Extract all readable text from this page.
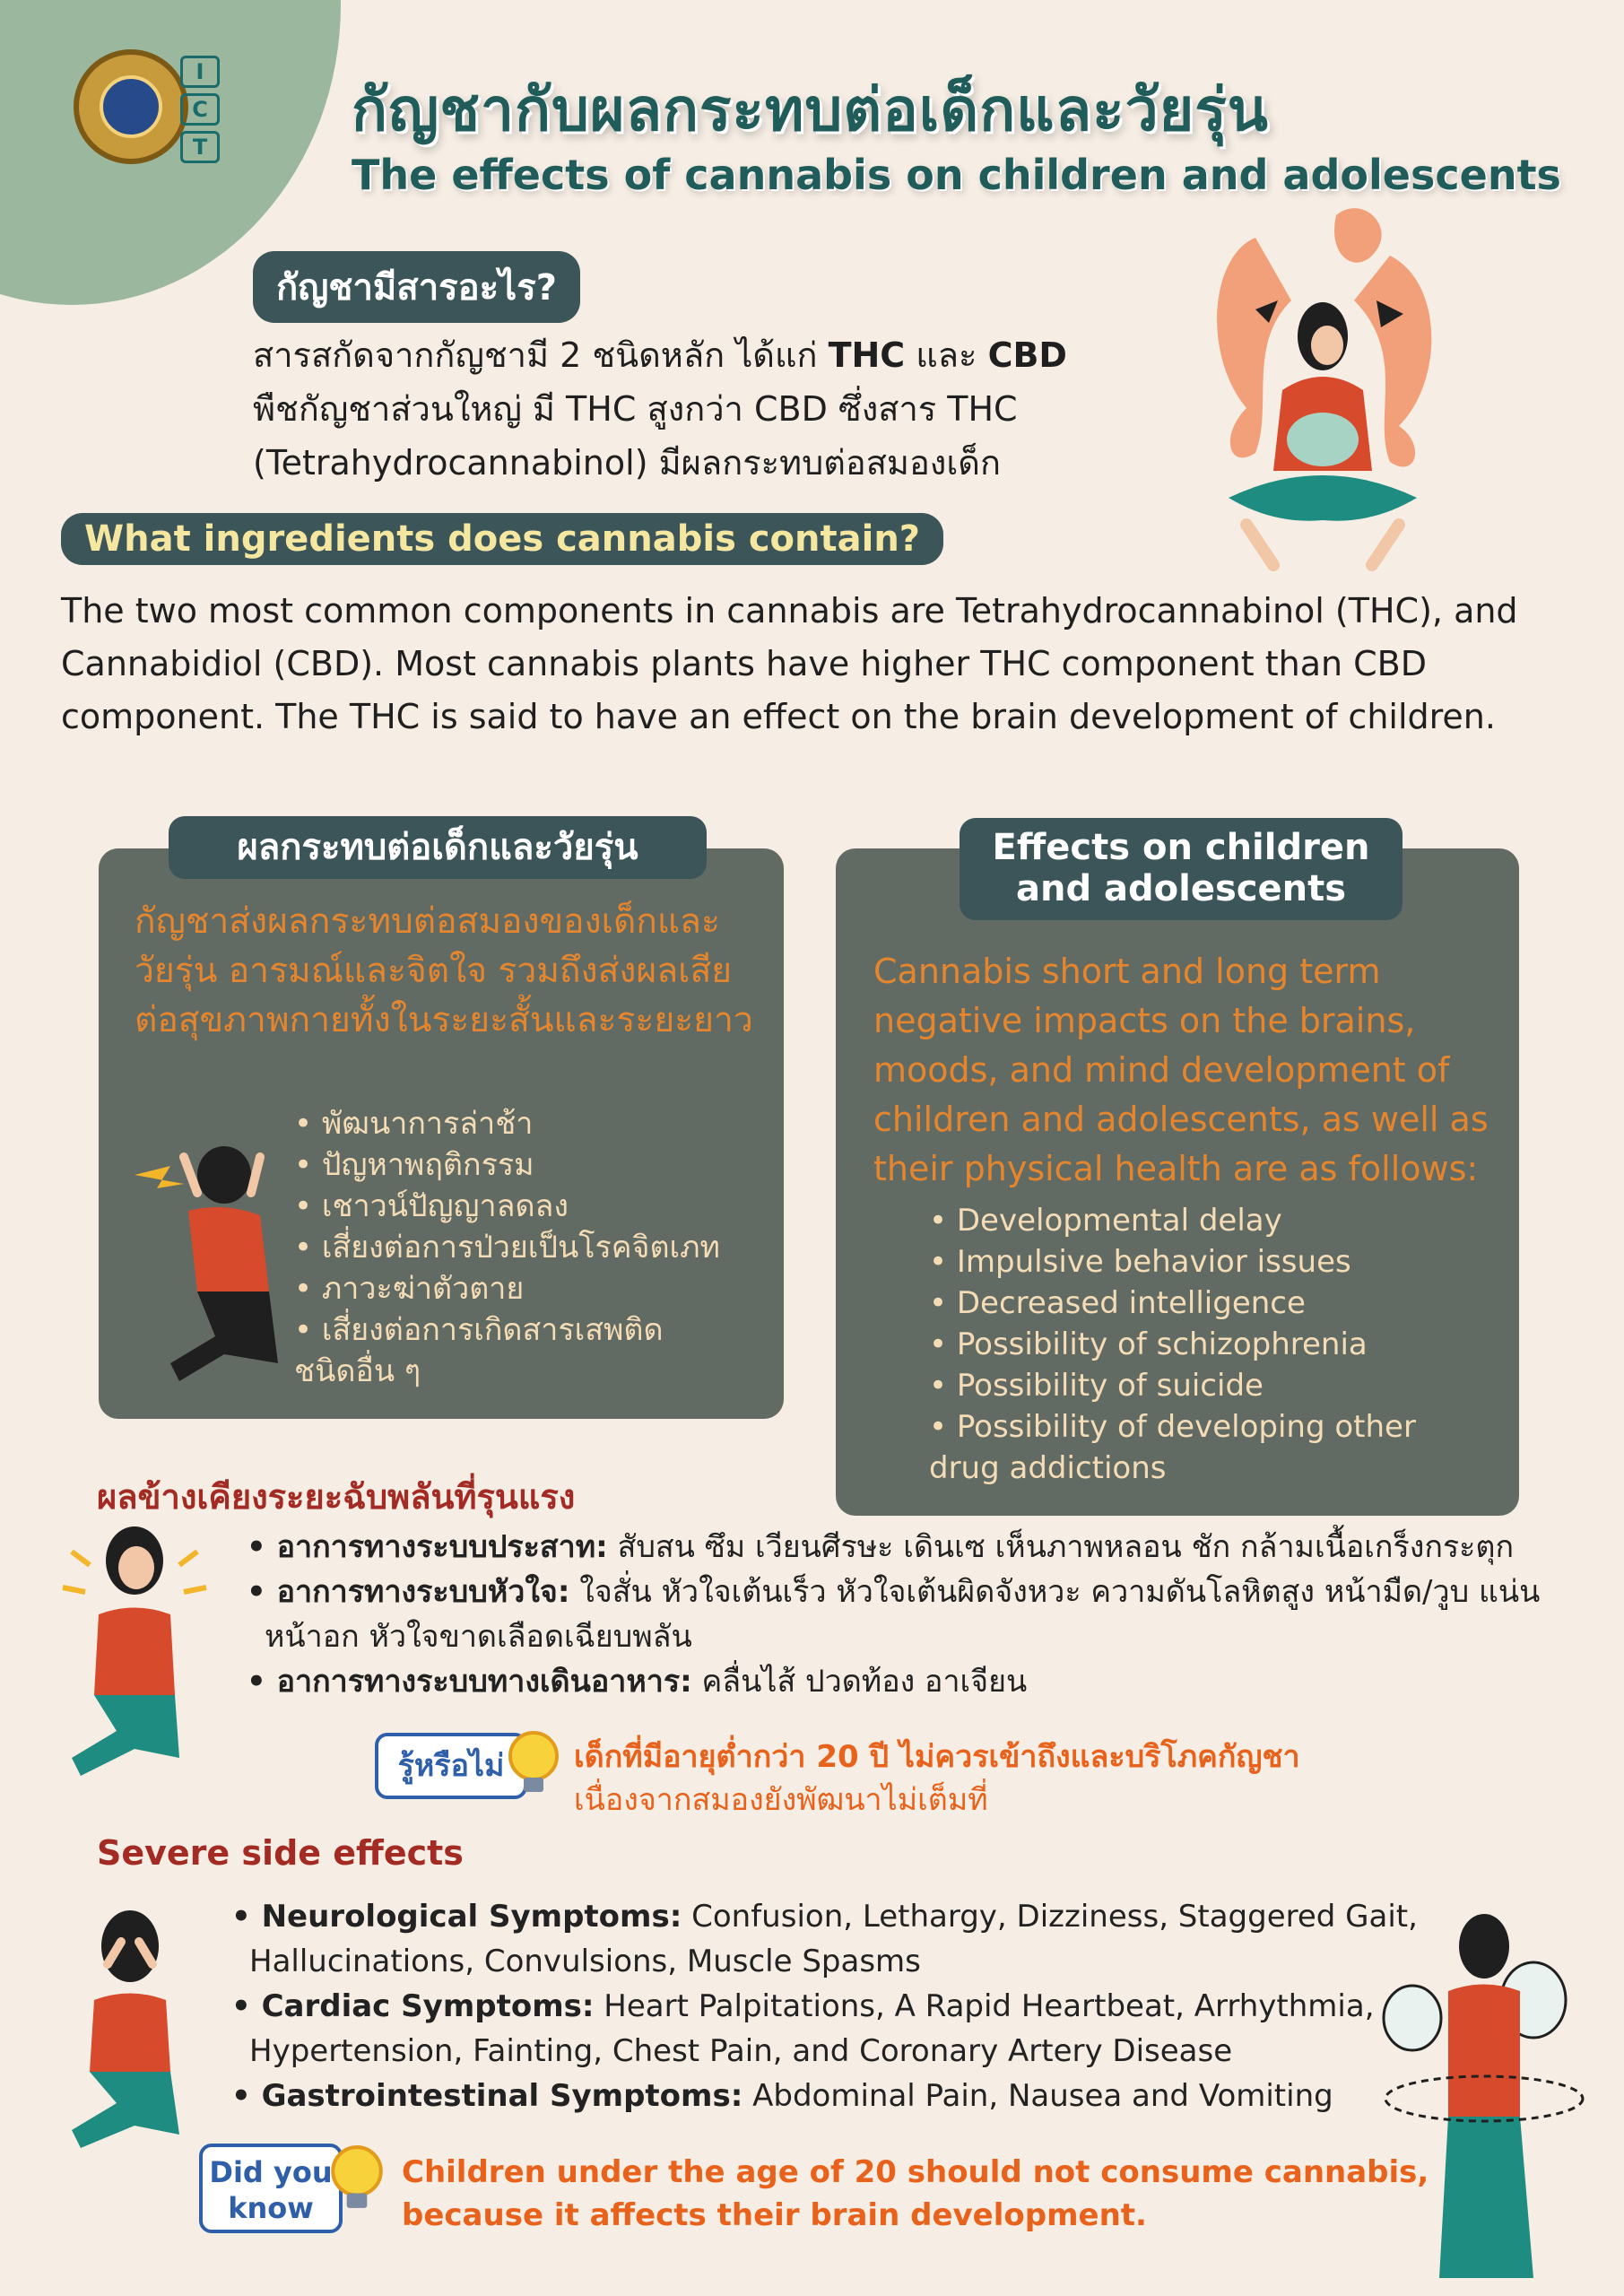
I
C
T
กัญชากับผลกระทบต่อเด็กและวัยรุ่น
The effects of cannabis on children and adolescents
กัญชามีสารอะไร?
สารสกัดจากกัญชามี 2 ชนิดหลัก ได้แก่ THC และ CBD
พืชกัญชาส่วนใหญ่ มี THC สูงกว่า CBD ซึ่งสาร THC
(Tetrahydrocannabinol) มีผลกระทบต่อสมองเด็ก
What ingredients does cannabis contain?
The two most common components in cannabis are Tetrahydrocannabinol (THC), and Cannabidiol (CBD). Most cannabis plants have higher THC component than CBD component. The THC is said to have an effect on the brain development of children.
ผลกระทบต่อเด็กและวัยรุ่น
กัญชาส่งผลกระทบต่อสมองของเด็กและวัยรุ่น อารมณ์และจิตใจ รวมถึงส่งผลเสียต่อสุขภาพกายทั้งในระยะสั้นและระยะยาว
• พัฒนาการล่าช้า
• ปัญหาพฤติกรรม
• เชาวน์ปัญญาลดลง
• เสี่ยงต่อการป่วยเป็นโรคจิตเภท
• ภาวะฆ่าตัวตาย
• เสี่ยงต่อการเกิดสารเสพติด
ชนิดอื่น ๆ
Effects on children
and adolescents
Cannabis short and long term negative impacts on the brains, moods, and mind development of children and adolescents, as well as their physical health are as follows:
• Developmental delay
• Impulsive behavior issues
• Decreased intelligence
• Possibility of schizophrenia
• Possibility of suicide
• Possibility of developing other
drug addictions
ผลข้างเคียงระยะฉับพลันที่รุนแรง
• อาการทางระบบประสาท: สับสน ซึม เวียนศีรษะ เดินเซ เห็นภาพหลอน ชัก กล้ามเนื้อเกร็งกระตุก
• อาการทางระบบหัวใจ: ใจสั่น หัวใจเต้นเร็ว หัวใจเต้นผิดจังหวะ ความดันโลหิตสูง หน้ามืด/วูบ แน่นหน้าอก หัวใจขาดเลือดเฉียบพลัน
• อาการทางระบบทางเดินอาหาร: คลื่นไส้ ปวดท้อง อาเจียน
รู้หรือไม่	เด็กที่มีอายุต่ำกว่า 20 ปี ไม่ควรเข้าถึงและบริโภคกัญชา
เนื่องจากสมองยังพัฒนาไม่เต็มที่
Severe side effects
• Neurological Symptoms: Confusion, Lethargy, Dizziness, Staggered Gait, Hallucinations, Convulsions, Muscle Spasms
• Cardiac Symptoms: Heart Palpitations, A Rapid Heartbeat, Arrhythmia, Hypertension, Fainting, Chest Pain, and Coronary Artery Disease
• Gastrointestinal Symptoms: Abdominal Pain, Nausea and Vomiting
Did you
know
Children under the age of 20 should not consume cannabis,
because it affects their brain development.
